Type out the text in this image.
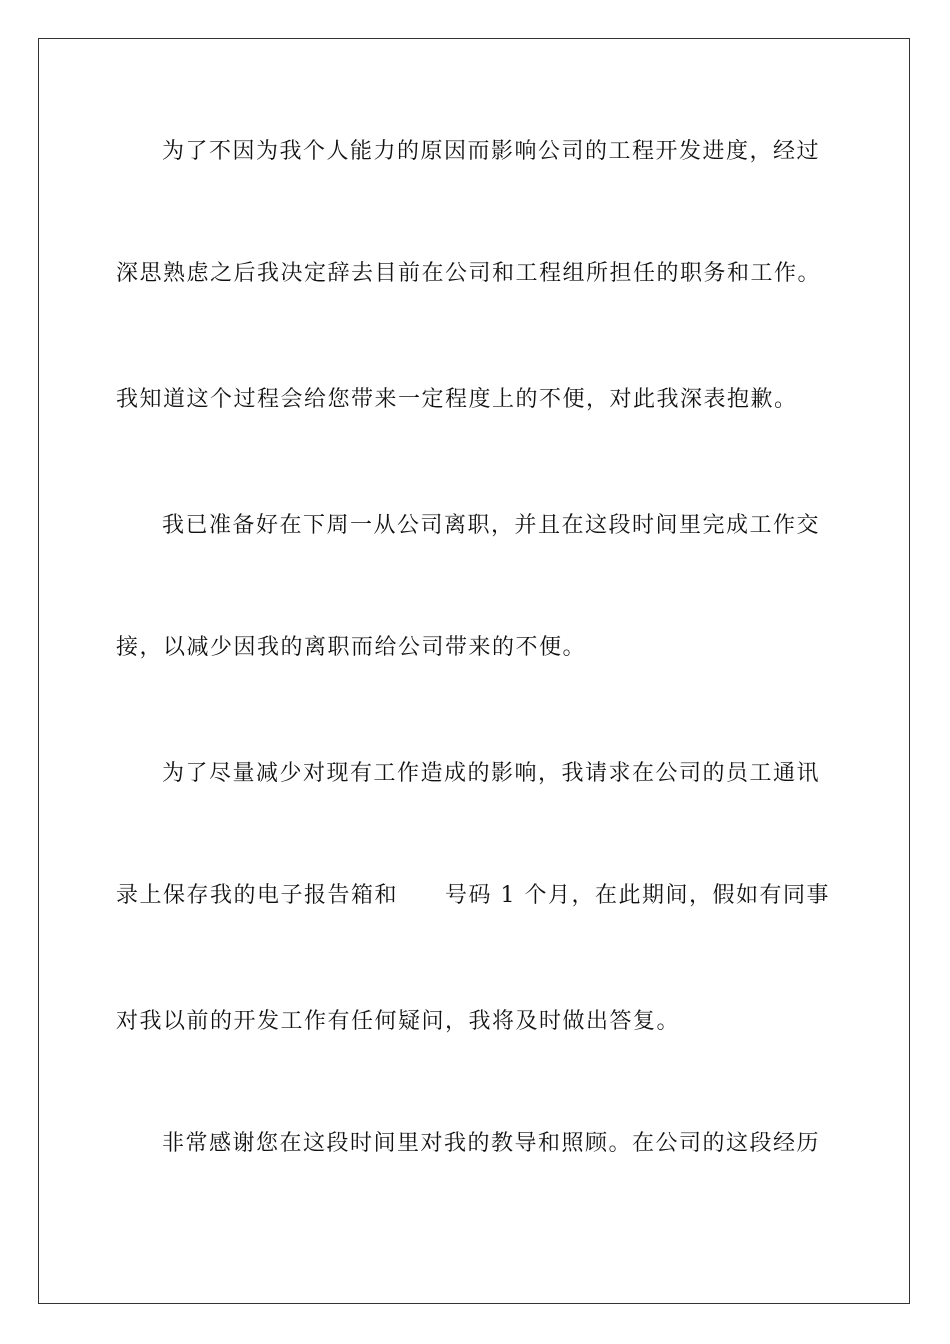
为了不因为我个人能力的原因而影响公司的工程开发进度，经过
深思熟虑之后我决定辞去目前在公司和工程组所担任的职务和工作。
我知道这个过程会给您带来一定程度上的不便，对此我深表抱歉。
我已准备好在下周一从公司离职，并且在这段时间里完成工作交
接，以减少因我的离职而给公司带来的不便。
为了尽量减少对现有工作造成的影响，我请求在公司的员工通讯
录上保存我的电子报告箱和　　号码 1 个月，在此期间，假如有同事
对我以前的开发工作有任何疑问，我将及时做出答复。
非常感谢您在这段时间里对我的教导和照顾。在公司的这段经历
